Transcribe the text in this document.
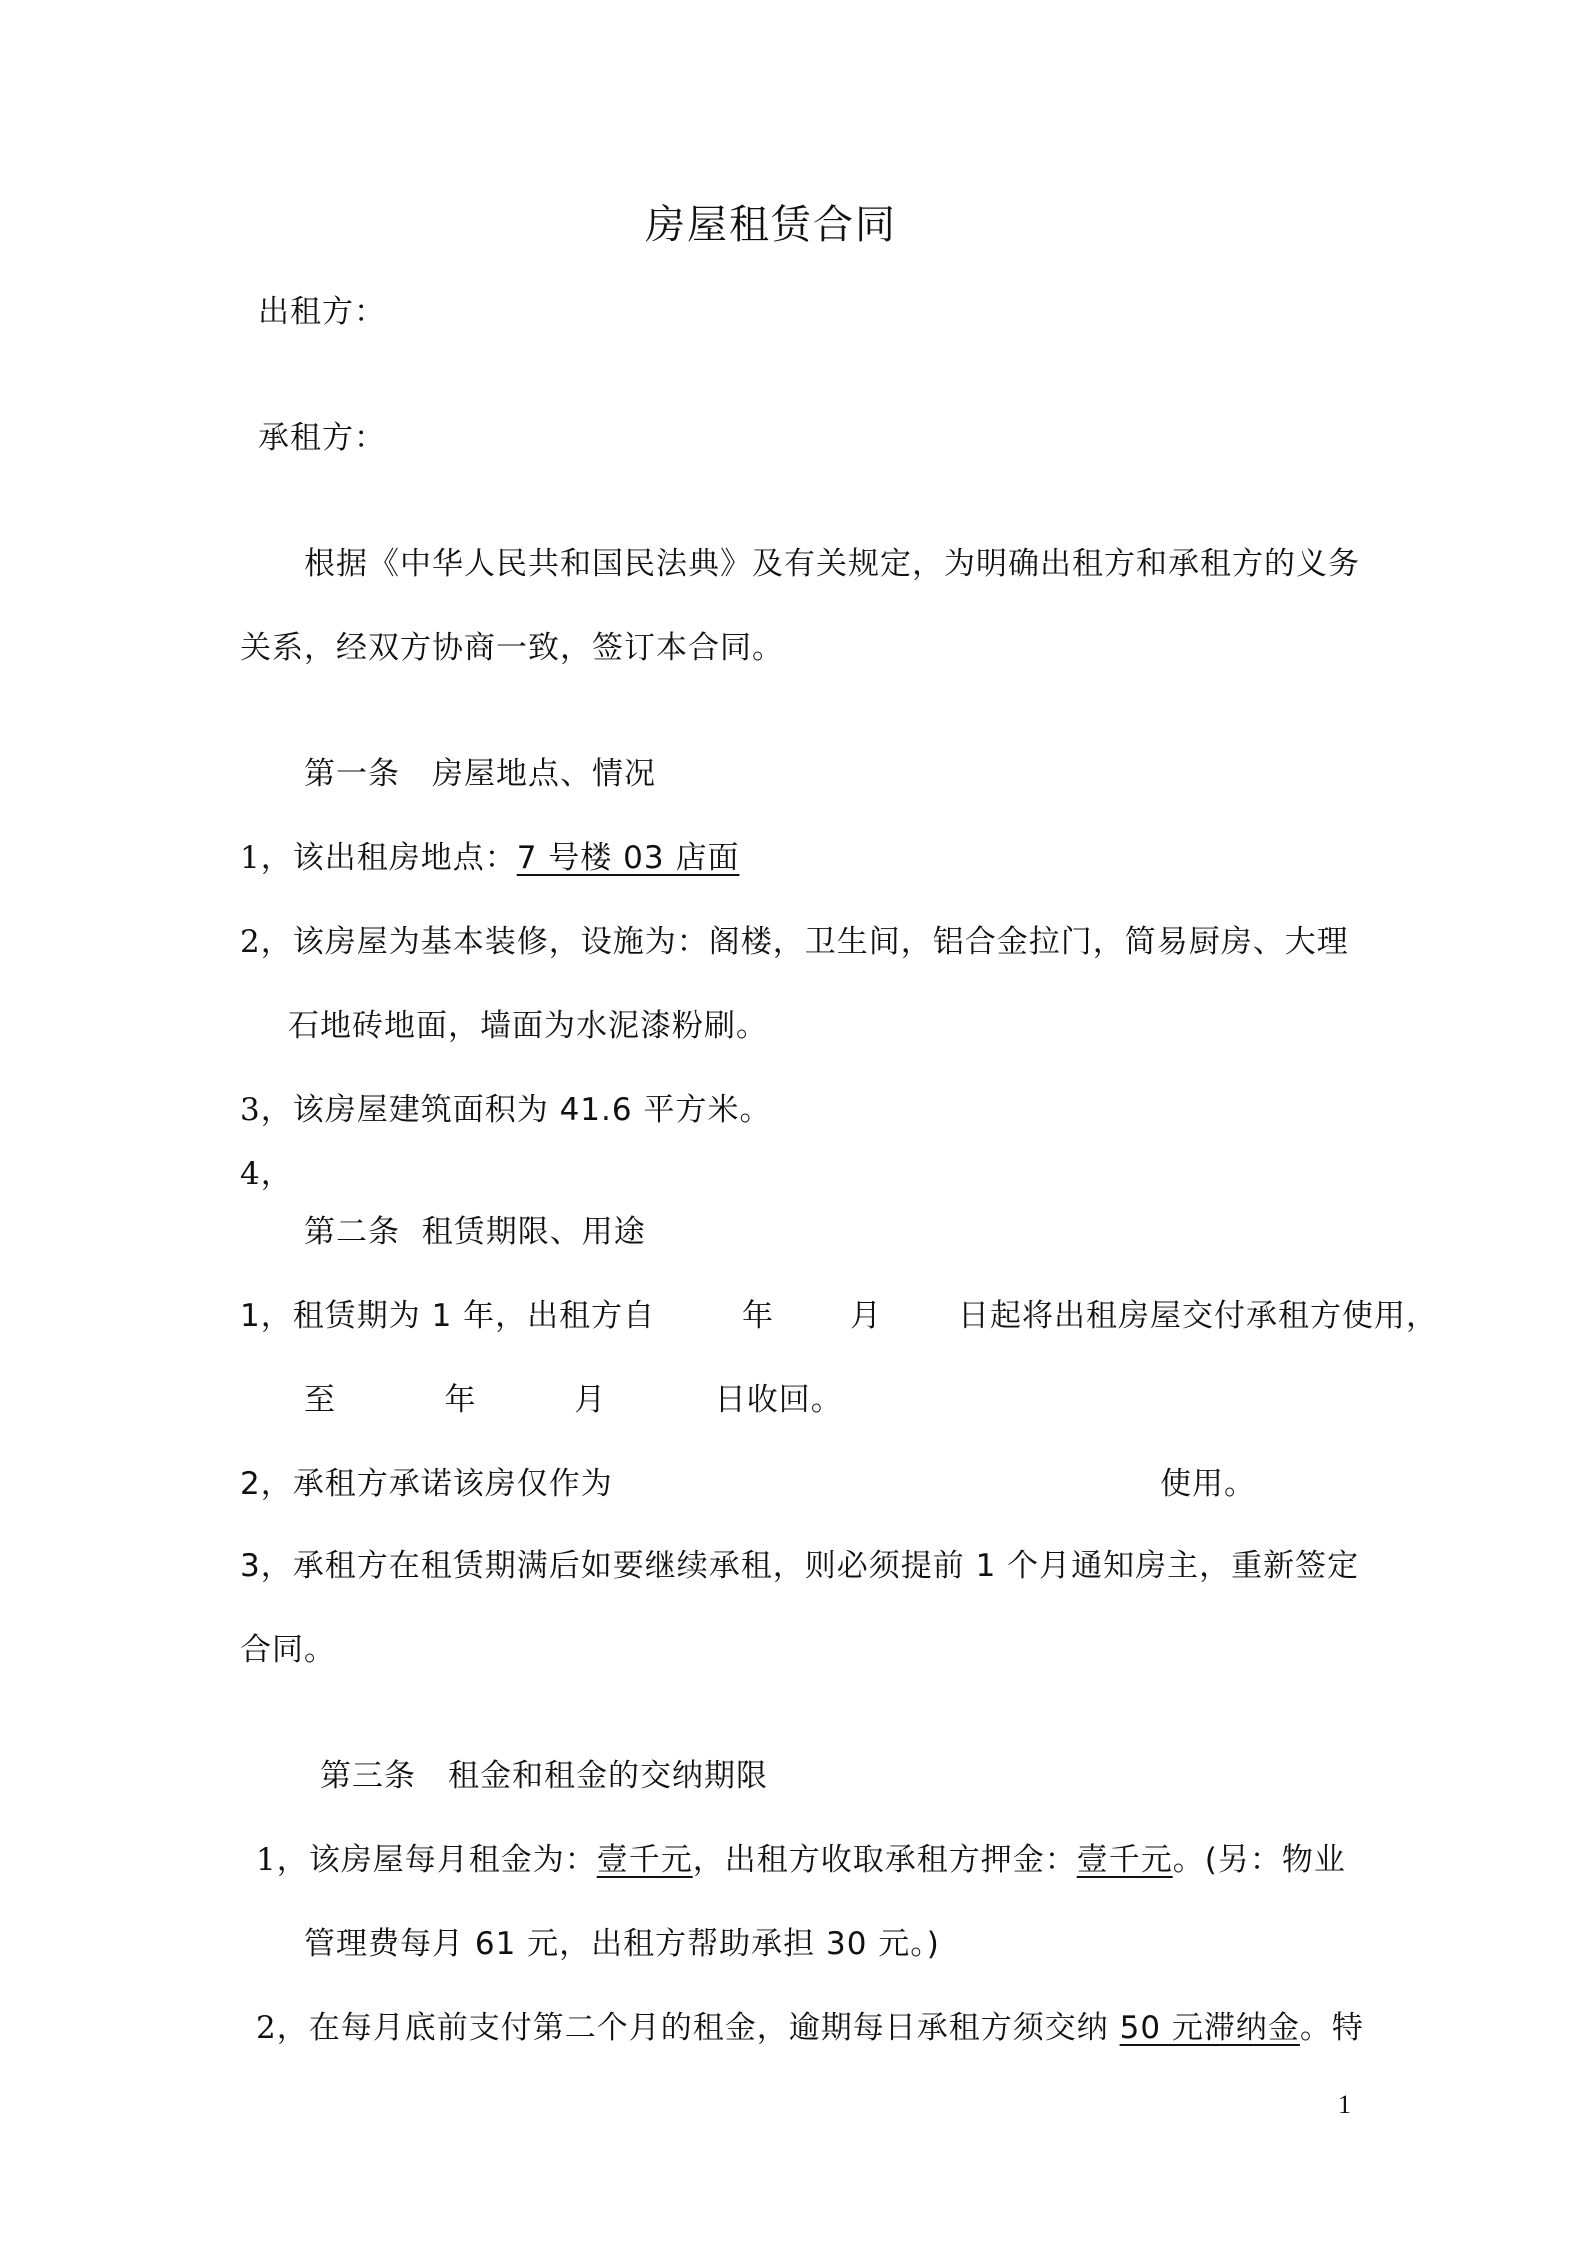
房屋租赁合同
出租方：
承租方：
根据《中华人民共和国民法典》及有关规定，为明确出租方和承租方的义务
关系，经双方协商一致，签订本合同。
第一条　房屋地点、情况
1，该出租房地点：7 号楼 03 店面
2，该房屋为基本装修，设施为：阁楼，卫生间，铝合金拉门，简易厨房、大理
石地砖地面，墙面为水泥漆粉刷。
3，该房屋建筑面积为 41.6 平方米。
4，
第二条  租赁期限、用途
1，租赁期为 1 年，出租方自        年       月       日起将出租房屋交付承租方使用，
至          年         月          日收回。
2，承租方承诺该房仅作为	使用。
3，承租方在租赁期满后如要继续承租，则必须提前 1 个月通知房主，重新签定
合同。
第三条　租金和租金的交纳期限
1，该房屋每月租金为：壹千元，出租方收取承租方押金：壹千元。(另：物业
管理费每月 61 元，出租方帮助承担 30 元。)
2，在每月底前支付第二个月的租金，逾期每日承租方须交纳 50 元滞纳金。特
1
